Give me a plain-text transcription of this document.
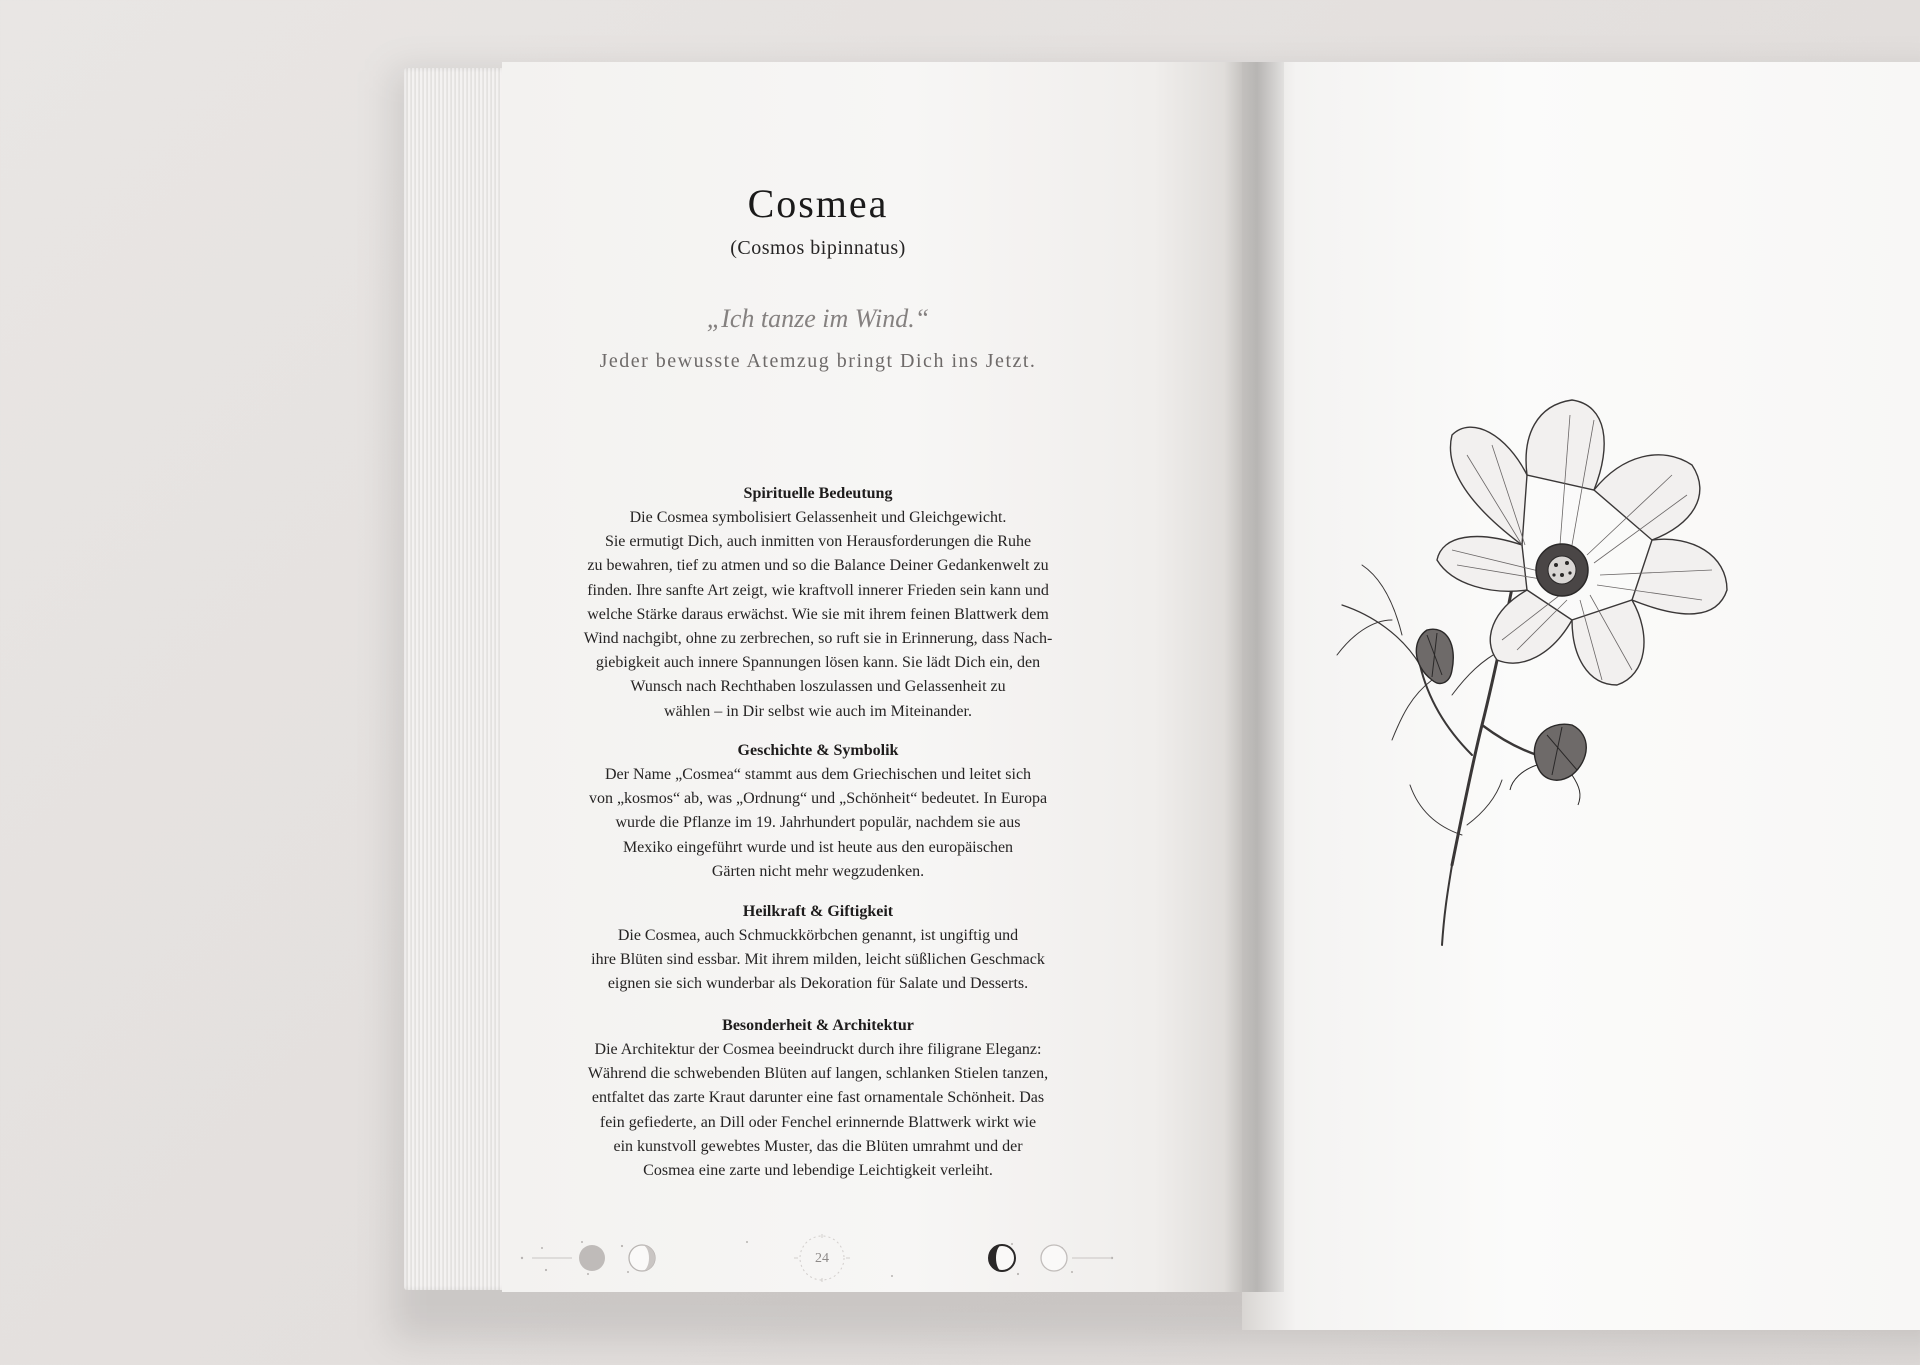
Cosmea
(Cosmos bipinnatus)
„Ich tanze im Wind.“
Jeder bewusste Atemzug bringt Dich ins Jetzt.
Spirituelle Bedeutung

Die Cosmea symbolisiert Gelassenheit und Gleichgewicht.
Sie ermutigt Dich, auch inmitten von Herausforderungen die Ruhe
zu bewahren, tief zu atmen und so die Balance Deiner Gedankenwelt zu
finden. Ihre sanfte Art zeigt, wie kraftvoll innerer Frieden sein kann und
welche Stärke daraus erwächst. Wie sie mit ihrem feinen Blattwerk dem
Wind nachgibt, ohne zu zerbrechen, so ruft sie in Erinnerung, dass Nach-
giebigkeit auch innere Spannungen lösen kann. Sie lädt Dich ein, den
Wunsch nach Rechthaben loszulassen und Gelassenheit zu
wählen – in Dir selbst wie auch im Miteinander.

Geschichte & Symbolik

Der Name „Cosmea“ stammt aus dem Griechischen und leitet sich
von „kosmos“ ab, was „Ordnung“ und „Schönheit“ bedeutet. In Europa
wurde die Pflanze im 19. Jahrhundert populär, nachdem sie aus
Mexiko eingeführt wurde und ist heute aus den europäischen
Gärten nicht mehr wegzudenken.

Heilkraft & Giftigkeit

Die Cosmea, auch Schmuckkörbchen genannt, ist ungiftig und
ihre Blüten sind essbar. Mit ihrem milden, leicht süßlichen Geschmack
eignen sie sich wunderbar als Dekoration für Salate und Desserts.

Besonderheit & Architektur

Die Architektur der Cosmea beeindruckt durch ihre filigrane Eleganz:
Während die schwebenden Blüten auf langen, schlanken Stielen tanzen,
entfaltet das zarte Kraut darunter eine fast ornamentale Schönheit. Das
fein gefiederte, an Dill oder Fenchel erinnernde Blattwerk wirkt wie
ein kunstvoll gewebtes Muster, das die Blüten umrahmt und der
Cosmea eine zarte und lebendige Leichtigkeit verleiht.

24
